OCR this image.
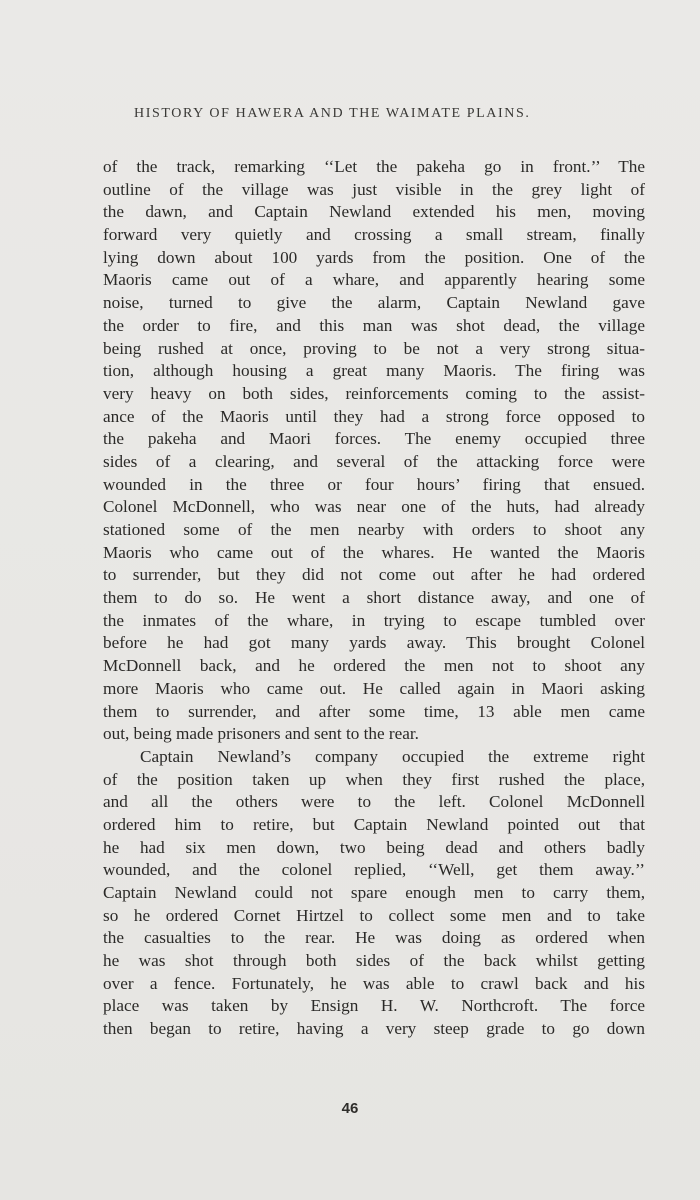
HISTORY OF HAWERA AND THE WAIMATE PLAINS.
of the track, remarking ‘‘Let the pakeha go in front.’’ The
outline of the village was just visible in the grey light of
the dawn, and Captain Newland extended his men, moving
forward very quietly and crossing a small stream, finally
lying down about 100 yards from the position. One of the
Maoris came out of a whare, and apparently hearing some
noise, turned to give the alarm, Captain Newland gave
the order to fire, and this man was shot dead, the village
being rushed at once, proving to be not a very strong situa-
tion, although housing a great many Maoris. The firing was
very heavy on both sides, reinforcements coming to the assist-
ance of the Maoris until they had a strong force opposed to
the pakeha and Maori forces. The enemy occupied three
sides of a clearing, and several of the attacking force were
wounded in the three or four hours’ firing that ensued.
Colonel McDonnell, who was near one of the huts, had already
stationed some of the men nearby with orders to shoot any
Maoris who came out of the whares. He wanted the Maoris
to surrender, but they did not come out after he had ordered
them to do so. He went a short distance away, and one of
the inmates of the whare, in trying to escape tumbled over
before he had got many yards away. This brought Colonel
McDonnell back, and he ordered the men not to shoot any
more Maoris who came out. He called again in Maori asking
them to surrender, and after some time, 13 able men came
out, being made prisoners and sent to the rear.
Captain Newland’s company occupied the extreme right
of the position taken up when they first rushed the place,
and all the others were to the left. Colonel McDonnell
ordered him to retire, but Captain Newland pointed out that
he had six men down, two being dead and others badly
wounded, and the colonel replied, ‘‘Well, get them away.’’
Captain Newland could not spare enough men to carry them,
so he ordered Cornet Hirtzel to collect some men and to take
the casualties to the rear. He was doing as ordered when
he was shot through both sides of the back whilst getting
over a fence. Fortunately, he was able to crawl back and his
place was taken by Ensign H. W. Northcroft. The force
then began to retire, having a very steep grade to go down
46
